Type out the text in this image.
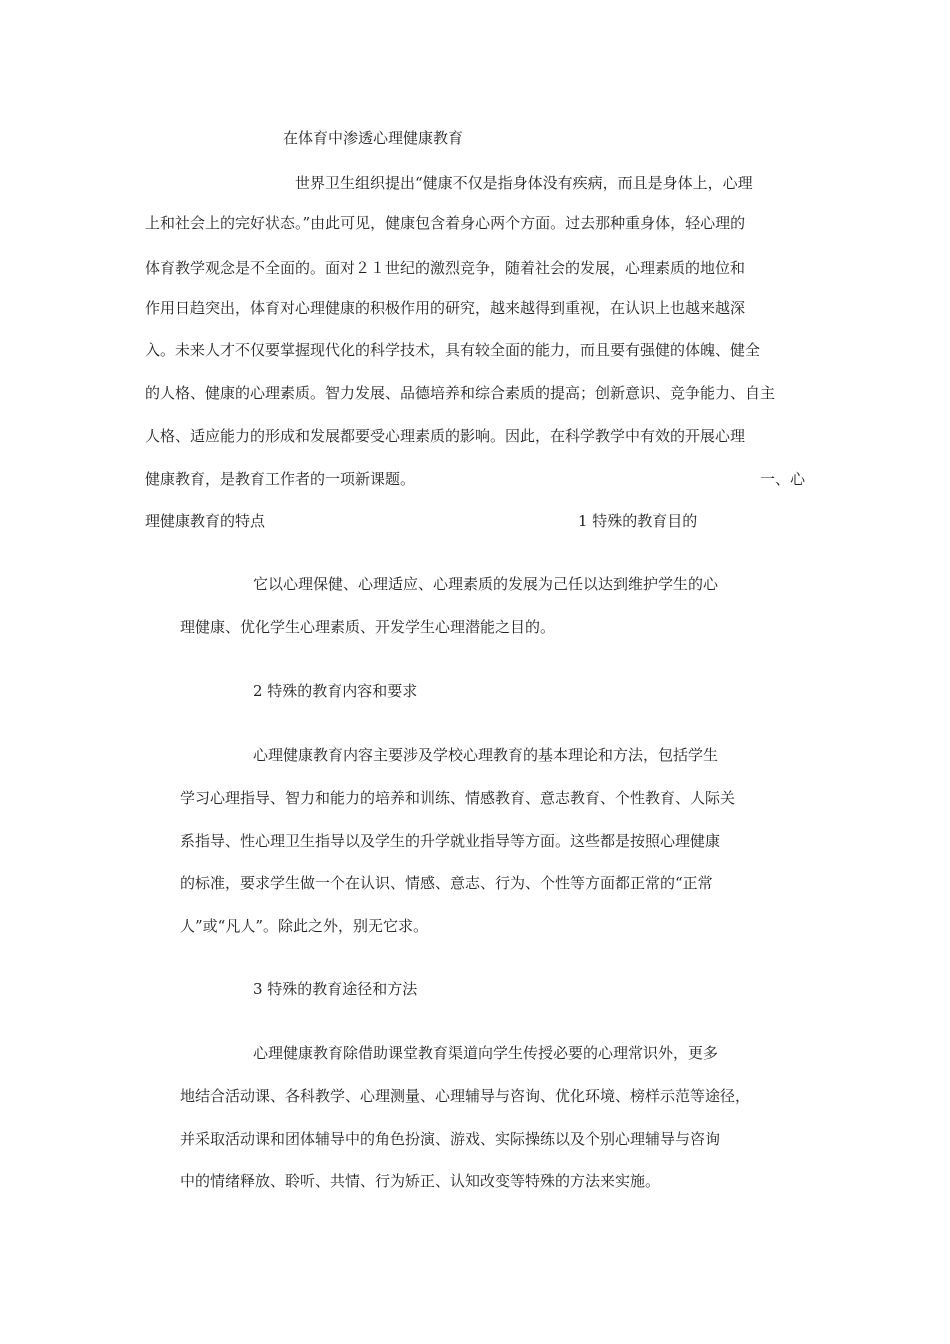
在体育中渗透心理健康教育
世界卫生组织提出“健康不仅是指身体没有疾病，而且是身体上，心理
上和社会上的完好状态。”由此可见，健康包含着身心两个方面。过去那种重身体，轻心理的
体育教学观念是不全面的。面对２１世纪的激烈竞争，随着社会的发展，心理素质的地位和
作用日趋突出，体育对心理健康的积极作用的研究，越来越得到重视，在认识上也越来越深
入。未来人才不仅要掌握现代化的科学技术，具有较全面的能力，而且要有强健的体魄、健全
的人格、健康的心理素质。智力发展、品德培养和综合素质的提高；创新意识、竞争能力、自主
人格、适应能力的形成和发展都要受心理素质的影响。因此，在科学教学中有效的开展心理
健康教育，是教育工作者的一项新课题。	一、心
理健康教育的特点	1 特殊的教育目的
它以心理保健、心理适应、心理素质的发展为己任以达到维护学生的心
理健康、优化学生心理素质、开发学生心理潜能之目的。
2 特殊的教育内容和要求
心理健康教育内容主要涉及学校心理教育的基本理论和方法，包括学生
学习心理指导、智力和能力的培养和训练、情感教育、意志教育、个性教育、人际关
系指导、性心理卫生指导以及学生的升学就业指导等方面。这些都是按照心理健康
的标准，要求学生做一个在认识、情感、意志、行为、个性等方面都正常的“正常
人”或“凡人”。除此之外，别无它求。
3 特殊的教育途径和方法
心理健康教育除借助课堂教育渠道向学生传授必要的心理常识外，更多
地结合活动课、各科教学、心理测量、心理辅导与咨询、优化环境、榜样示范等途径，
并采取活动课和团体辅导中的角色扮演、游戏、实际操练以及个别心理辅导与咨询
中的情绪释放、聆听、共情、行为矫正、认知改变等特殊的方法来实施。
